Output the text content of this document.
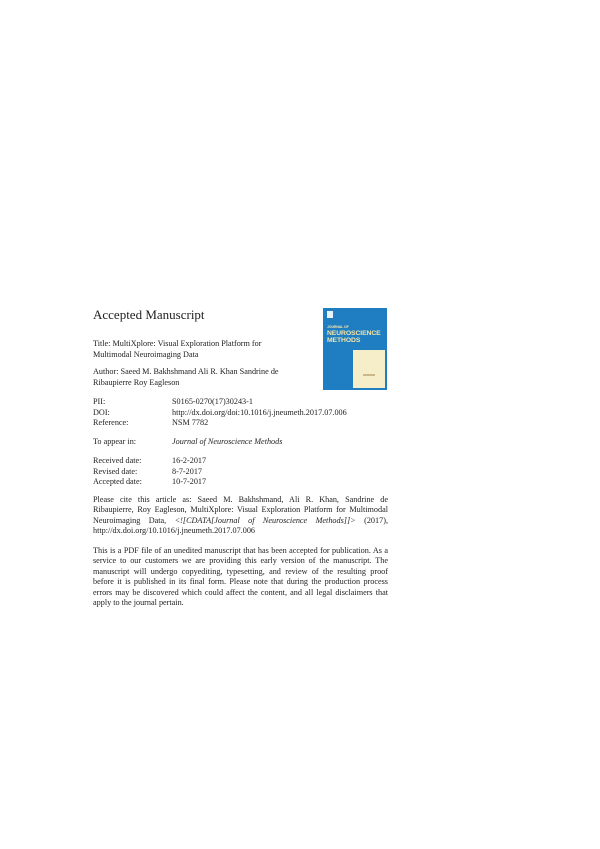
Accepted Manuscript
JOURNAL OF
NEUROSCIENCE
METHODS
Title: MultiXplore: Visual Exploration Platform for
Multimodal Neuroimaging Data
Author: Saeed M. Bakhshmand Ali R. Khan Sandrine de
Ribaupierre Roy Eagleson
PII:	S0165-0270(17)30243-1
DOI:	http://dx.doi.org/doi:10.1016/j.jneumeth.2017.07.006
Reference:	NSM 7782
To appear in:	Journal of Neuroscience Methods
Received date:	16-2-2017
Revised date:	8-7-2017
Accepted date:	10-7-2017
Please cite this article as: Saeed M. Bakhshmand, Ali R. Khan, Sandrine de
Ribaupierre, Roy Eagleson, MultiXplore: Visual Exploration Platform for Multimodal
Neuroimaging Data, <![CDATA[Journal of Neuroscience Methods]]> (2017),
http://dx.doi.org/10.1016/j.jneumeth.2017.07.006
This is a PDF file of an unedited manuscript that has been accepted for publication. As a service to our customers we are providing this early version of the manuscript. The manuscript will undergo copyediting, typesetting, and review of the resulting proof before it is published in its final form. Please note that during the production process errors may be discovered which could affect the content, and all legal disclaimers that apply to the journal pertain.
